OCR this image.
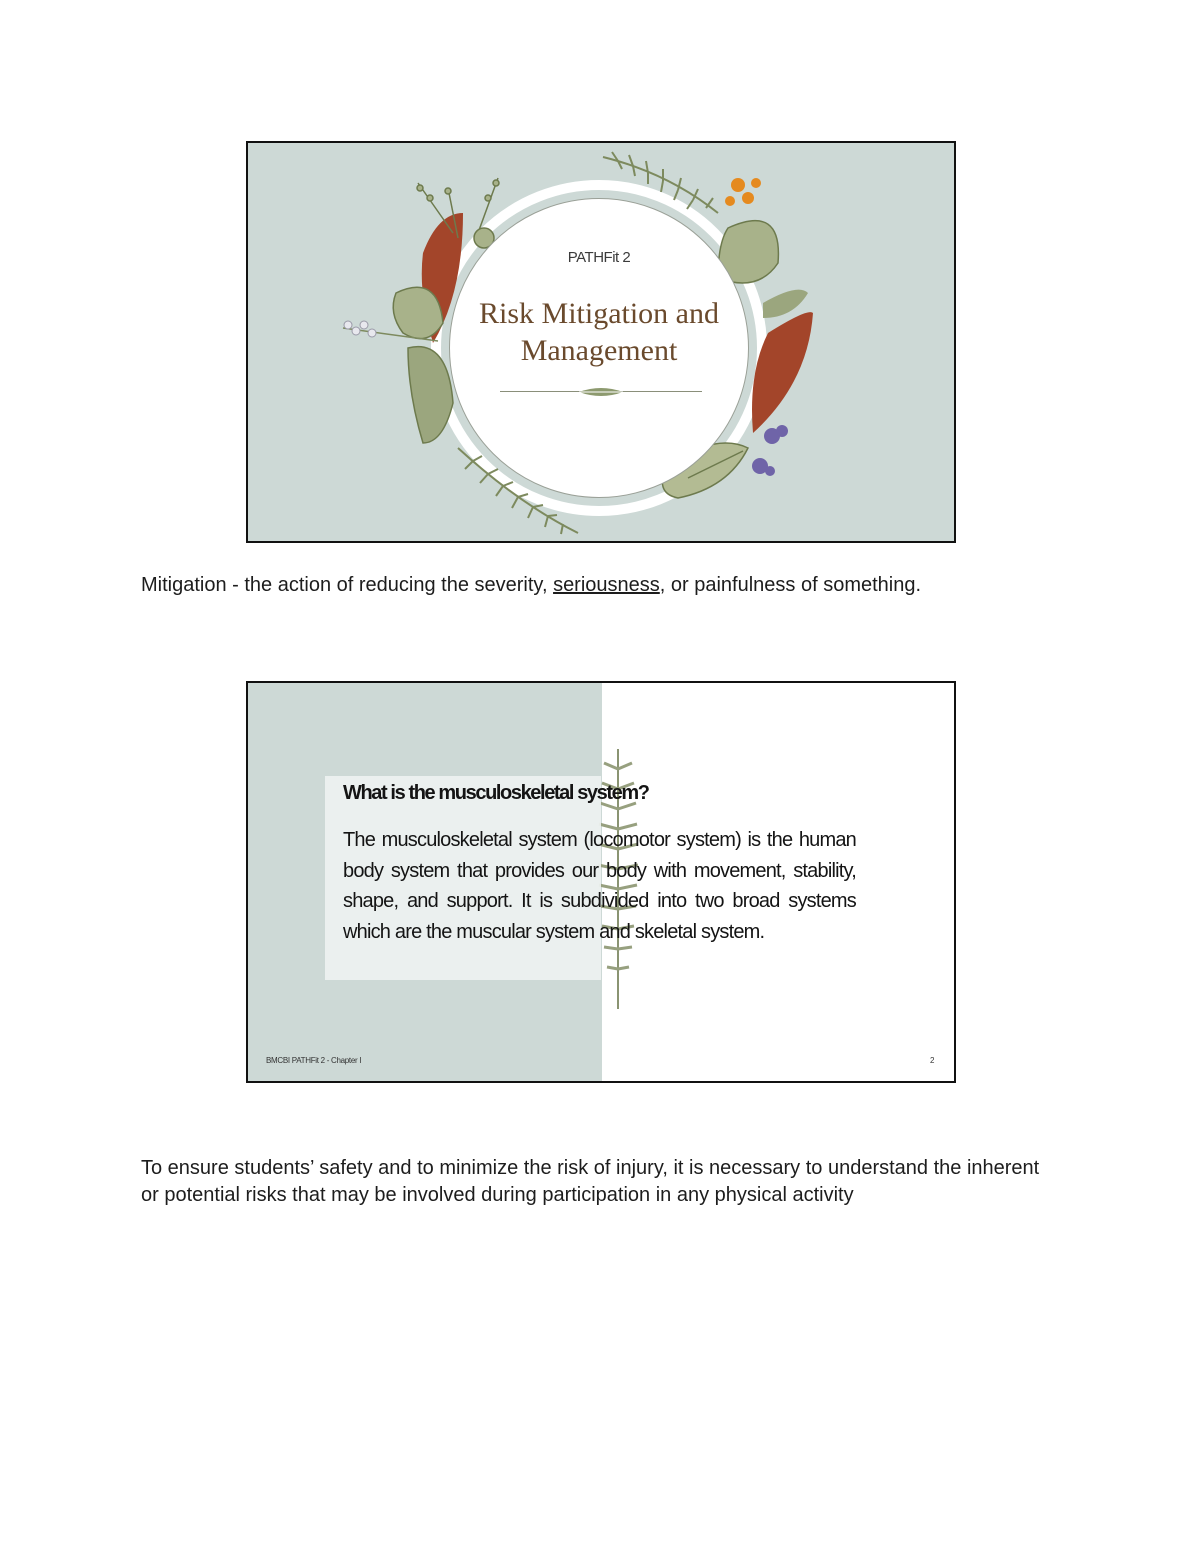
PATHFit 2
Risk Mitigation and
Management

Mitigation - the action of reducing the severity, seriousness, or painfulness of something.

What is the musculoskeletal system?

The musculoskeletal system (locomotor system) is the human body system that provides our body with movement, stability, shape, and support. It is subdivided into two broad systems which are the muscular system and skeletal system.

BMCBI PATHFit 2 - Chapter I	2

To ensure students’ safety and to minimize the risk of injury, it is necessary to understand the inherent or potential risks that may be involved during participation in any physical activity
